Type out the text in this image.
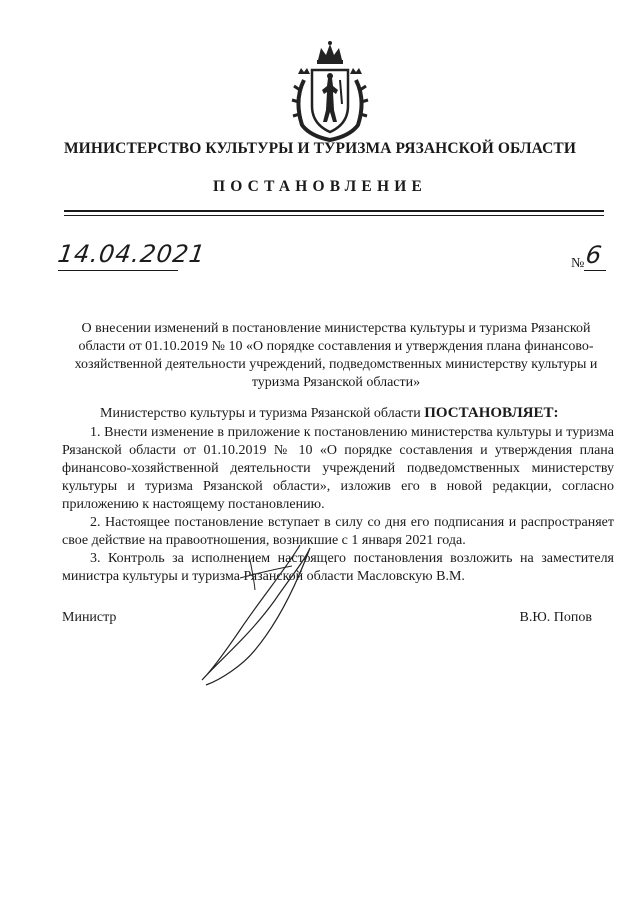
МИНИСТЕРСТВО КУЛЬТУРЫ И ТУРИЗМА РЯЗАНСКОЙ ОБЛАСТИ
ПОСТАНОВЛЕНИЕ
14.04.2021	№ 6
О внесении изменений в постановление министерства культуры и туризма Рязанской области от 01.10.2019 № 10 «О порядке составления и утверждения плана финансово-хозяйственной деятельности учреждений, подведомственных министерству культуры и туризма Рязанской области»

Министерство культуры и туризма Рязанской области ПОСТАНОВЛЯЕТ:

1. Внести изменение в приложение к постановлению министерства культуры и туризма Рязанской области от 01.10.2019 № 10 «О порядке составления и утверждения плана финансово-хозяйственной деятельности учреждений подведомственных министерству культуры и туризма Рязанской области», изложив его в новой редакции, согласно приложению к настоящему постановлению.

2. Настоящее постановление вступает в силу со дня его подписания и распространяет свое действие на правоотношения, возникшие с 1 января 2021 года.

3. Контроль за исполнением настоящего постановления возложить на заместителя министра культуры и туризма Рязанской области Масловскую В.М.

Министр	В.Ю. Попов
